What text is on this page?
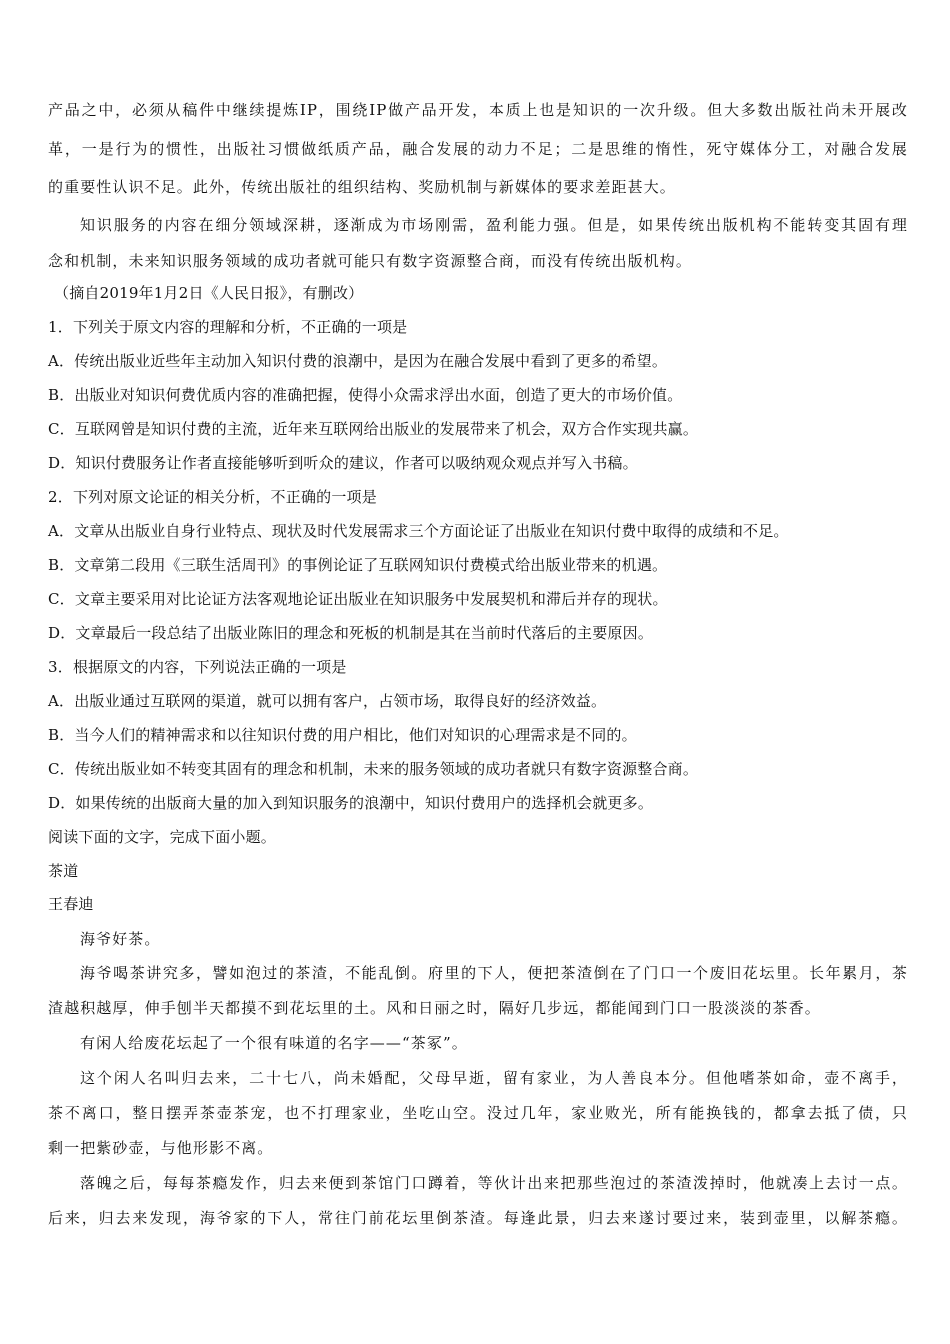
产品之中，必须从稿件中继续提炼IP，围绕IP做产品开发，本质上也是知识的一次升级。但大多数出版社尚未开展改
革，一是行为的惯性，出版社习惯做纸质产品，融合发展的动力不足；二是思维的惰性，死守媒体分工，对融合发展
的重要性认识不足。此外，传统出版社的组织结构、奖励机制与新媒体的要求差距甚大。
知识服务的内容在细分领域深耕，逐渐成为市场刚需，盈利能力强。但是，如果传统出版机构不能转变其固有理
念和机制，未来知识服务领域的成功者就可能只有数字资源整合商，而没有传统出版机构。
（摘自2019年1月2日《人民日报》，有删改）
1．下列关于原文内容的理解和分析，不正确的一项是
A．传统出版业近些年主动加入知识付费的浪潮中，是因为在融合发展中看到了更多的希望。
B．出版业对知识何费优质内容的准确把握，使得小众需求浮出水面，创造了更大的市场价值。
C．互联网曾是知识付费的主流，近年来互联网给出版业的发展带来了机会，双方合作实现共赢。
D．知识付费服务让作者直接能够听到听众的建议，作者可以吸纳观众观点并写入书稿。
2．下列对原文论证的相关分析，不正确的一项是
A．文章从出版业自身行业特点、现状及时代发展需求三个方面论证了出版业在知识付费中取得的成绩和不足。
B．文章第二段用《三联生活周刊》的事例论证了互联网知识付费模式给出版业带来的机遇。
C．文章主要采用对比论证方法客观地论证出版业在知识服务中发展契机和滞后并存的现状。
D．文章最后一段总结了出版业陈旧的理念和死板的机制是其在当前时代落后的主要原因。
3．根据原文的内容，下列说法正确的一项是
A．出版业通过互联网的渠道，就可以拥有客户，占领市场，取得良好的经济效益。
B．当今人们的精神需求和以往知识付费的用户相比，他们对知识的心理需求是不同的。
C．传统出版业如不转变其固有的理念和机制，未来的服务领域的成功者就只有数字资源整合商。
D．如果传统的出版商大量的加入到知识服务的浪潮中，知识付费用户的选择机会就更多。
阅读下面的文字，完成下面小题。
茶道
王春迪
海爷好茶。
海爷喝茶讲究多，譬如泡过的茶渣，不能乱倒。府里的下人，便把茶渣倒在了门口一个废旧花坛里。长年累月，茶
渣越积越厚，伸手刨半天都摸不到花坛里的土。风和日丽之时，隔好几步远，都能闻到门口一股淡淡的茶香。
有闲人给废花坛起了一个很有味道的名字——“茶冢”。
这个闲人名叫归去来，二十七八，尚未婚配，父母早逝，留有家业，为人善良本分。但他嗜茶如命，壶不离手，
茶不离口，整日摆弄茶壶茶宠，也不打理家业，坐吃山空。没过几年，家业败光，所有能换钱的，都拿去抵了债，只
剩一把紫砂壶，与他形影不离。
落魄之后，每每茶瘾发作，归去来便到茶馆门口蹲着，等伙计出来把那些泡过的茶渣泼掉时，他就凑上去讨一点。
后来，归去来发现，海爷家的下人，常往门前花坛里倒茶渣。每逢此景，归去来遂讨要过来，装到壶里，以解茶瘾。
